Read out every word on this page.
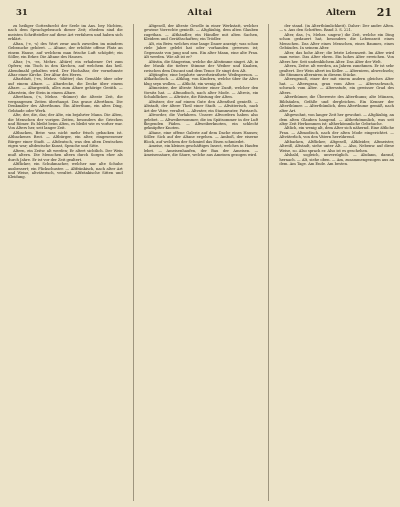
31	Altai	Altern 21

zu heiliger Gottesfurcht der Seele im Ans. bey Nichten, nach dem Sprachgebrauch dieser Zeit; ehedem sind die meisten Schriftsteller auf diese Art verfahren und haben sich erklärt.

Altan, (-e, -s) des Wort zwar auch zuweilen im mindern Gebrauche gehöret. — Altane, der erhöhte offene Platz an einem Hause, auf welchem man frische Luft schöpfet; ein Söller, ein Erker. Die Altane des Hauses.

Altar, (-s, -es, Mehrz. Altäre) ein erhabener Ort zum Opfern; ein Tisch in den Kirchen, auf welchem das heil. Abendmahl gehalten wird. Der Hochaltar, der vornehmste Altar einer Kirche. Der Altar des Herrn.

Altarblatt, (-es, Mehrz. -blätter) das Gemälde über oder auf einem Altare. — Altardecke, die Decke über einem Altare. — Altargeräth, alles zum Altare gehörige Geräth. — Altarstein, der Stein in einem Altare.

Alterthum, (-s, Mehrz. -thümer) die älteste Zeit, die vergangenen Zeiten überhaupt. Das graue Alterthum. Die Denkmäler des Alterthums. Ein Alterthum, ein altes Ding, Gebäude oder Werk.

Alte, der, die, das; der Alte, ein bejahrter Mann. Die Alten, die Menschen der vorigen Zeiten, besonders die Griechen und Römer. Es bleibt beim Alten, es bleibt wie es vorher war. Von Alters her, seit langer Zeit.

Altbacken, Beiw. was nicht mehr frisch gebacken ist. Altbackenes Brot. — Altbürger, ein alter, eingesessener Bürger einer Stadt. — Altdeutsch, was den alten Deutschen eigen war; altdeutsche Kunst, Sprache und Sitte.

Altern, ein Zeitw. alt werden; Er altert sichtlich. Der Wein muß altern. Die Menschen altern durch Sorgen eher als durch Jahre. Er ist vor der Zeit gealtert.

Altflicker, ein Schuhmacher, welcher nur alte Schuhe ausbessert; ein Flickschuster. — Altfränkisch, nach alter Art und Weise, altväterisch, veraltet. Altfränkische Sitten und Kleidung.

Altgesell, der älteste Geselle in einer Werkstatt, welcher gewisse Vorrechte genießt. — Altgläubig, dem alten Glauben zugethan. — Althändler, ein Händler mit alten Sachen, Kleidern und Geräthschaften; ein Trödler.

Alt, ein Beiw. welches eine lange Dauer anzeigt; was schon viele Jahre gelebt hat oder vorhanden gewesen ist; Gegensatz von jung und neu. Ein alter Mann, eine alte Frau. Alt werden. Wie alt ist er?

Altistin, die Sängerinn, welche die Altstimme singet. Alt, in der Musik die tiefere Stimme der Weiber und Knaben, zwischen dem Discant und dem Tenor. Er singt den Alt.

Altjüngfer, eine bejahrte unverheirathete Weibsperson. — Altkatholisch. — Altklug, von Kindern, welche über ihr Alter klug seyn wollen. — Altlicht, ein wenig alt.

Altmeister, der älteste Meister einer Zunft, welcher den Vorsitz hat. — Altmodisch, nach alter Mode. — Altreis, ein Schuhflicker. — Altrüste, die Rüstung der Alten.

Altsitzer, der auf einem Gute den Altentheil genießt. — Altstadt, der ältere Theil einer Stadt. — Altväterisch, nach Art der Väter, veraltet. — Altvater, ein Stammvater, Patriarch.

Altvorder, die Vorfahren. Unsere Altvordern haben also gelebet. — Altweibersommer, die im Spätsommer in der Luft fliegenden Fäden. — Altweiberknoten, ein schlecht geknüpfter Knoten.

Altane, eine offene Galerie auf dem Dache eines Hauses; Söller. Sich auf der Altane ergehen. — Amboß, der eiserne Block, auf welchem der Schmied das Eisen schmiedet.

Ameise, ein kleines geschäftiges Insect, welches in Haufen lebet. — Ameisenhaufen, der Bau der Ameisen. — Ameisensäure, die Säure, welche aus Ameisen gezogen wird.

der stand. (in Alterthümlichkeit). Daher: Der andre Alten. — s. Aus den Schriften. Band 3. S. 221.

Alter, das, (-s, Mehrz. ungew.) die Zeit, welche ein Ding schon gedauert hat, besonders die Lebenszeit eines Menschen. Das Alter eines Menschen, eines Baumes, eines Gebäudes. In seinem Alter.

Alter, das hohe Alter; die letzte Lebenszeit. Im Alter wird man weise. Das Alter ehren. Ein hohes Alter erreichen. Von Alters her. Seit undenklichem Alter. Das Alter der Welt.

Altern, Zeitw. alt werden, an Jahren zunehmen. Er ist sehr gealtert. Der Wein altert im Keller. — Alterniren, abwechseln; die Stimmen alterniren in diesem Stücke.

Altersgenoß, einer der mit einem andern gleiches Alter hat. — Altersgrau, grau vom Alter. — Altersschwach, schwach vom Alter. — Altersstufe, ein gewisser Grad des Alters.

Alterthümer, die Überreste des Alterthums; alte Münzen, Bildsäulen, Gefäße und dergleichen. Ein Kenner der Alterthümer. — Alterthümlich, dem Alterthume gemäß, nach alter Art.

Altgewohnt, von langer Zeit her gewohnt. — Altgläubig, an dem alten Glauben hangend. — Altherkömmlich, was seit alter Zeit Herkommen ist; altherkömmliche Gebräuche.

Ältlich, ein wenig alt, dem Alter sich nähernd. Eine ältliche Frau. — Altmodisch, nach der alten Mode eingerichtet. — Altväterlich, von den Vätern herrührend.

Altbacken, Altflicker, Altgesell, Altkleider, Altmeister, Altreiß, Altstadt, siehe unter Alt. — Also, Nebenw. auf diese Weise, so. Also sprach er. Also ist es geschehen.

Alsbald, sogleich, unverzüglich. — Alsdann, darauf, hernach. — Alt, siehe oben. — Am, zusammengezogen aus an dem. Am Tage. Am Ende. Am besten.
